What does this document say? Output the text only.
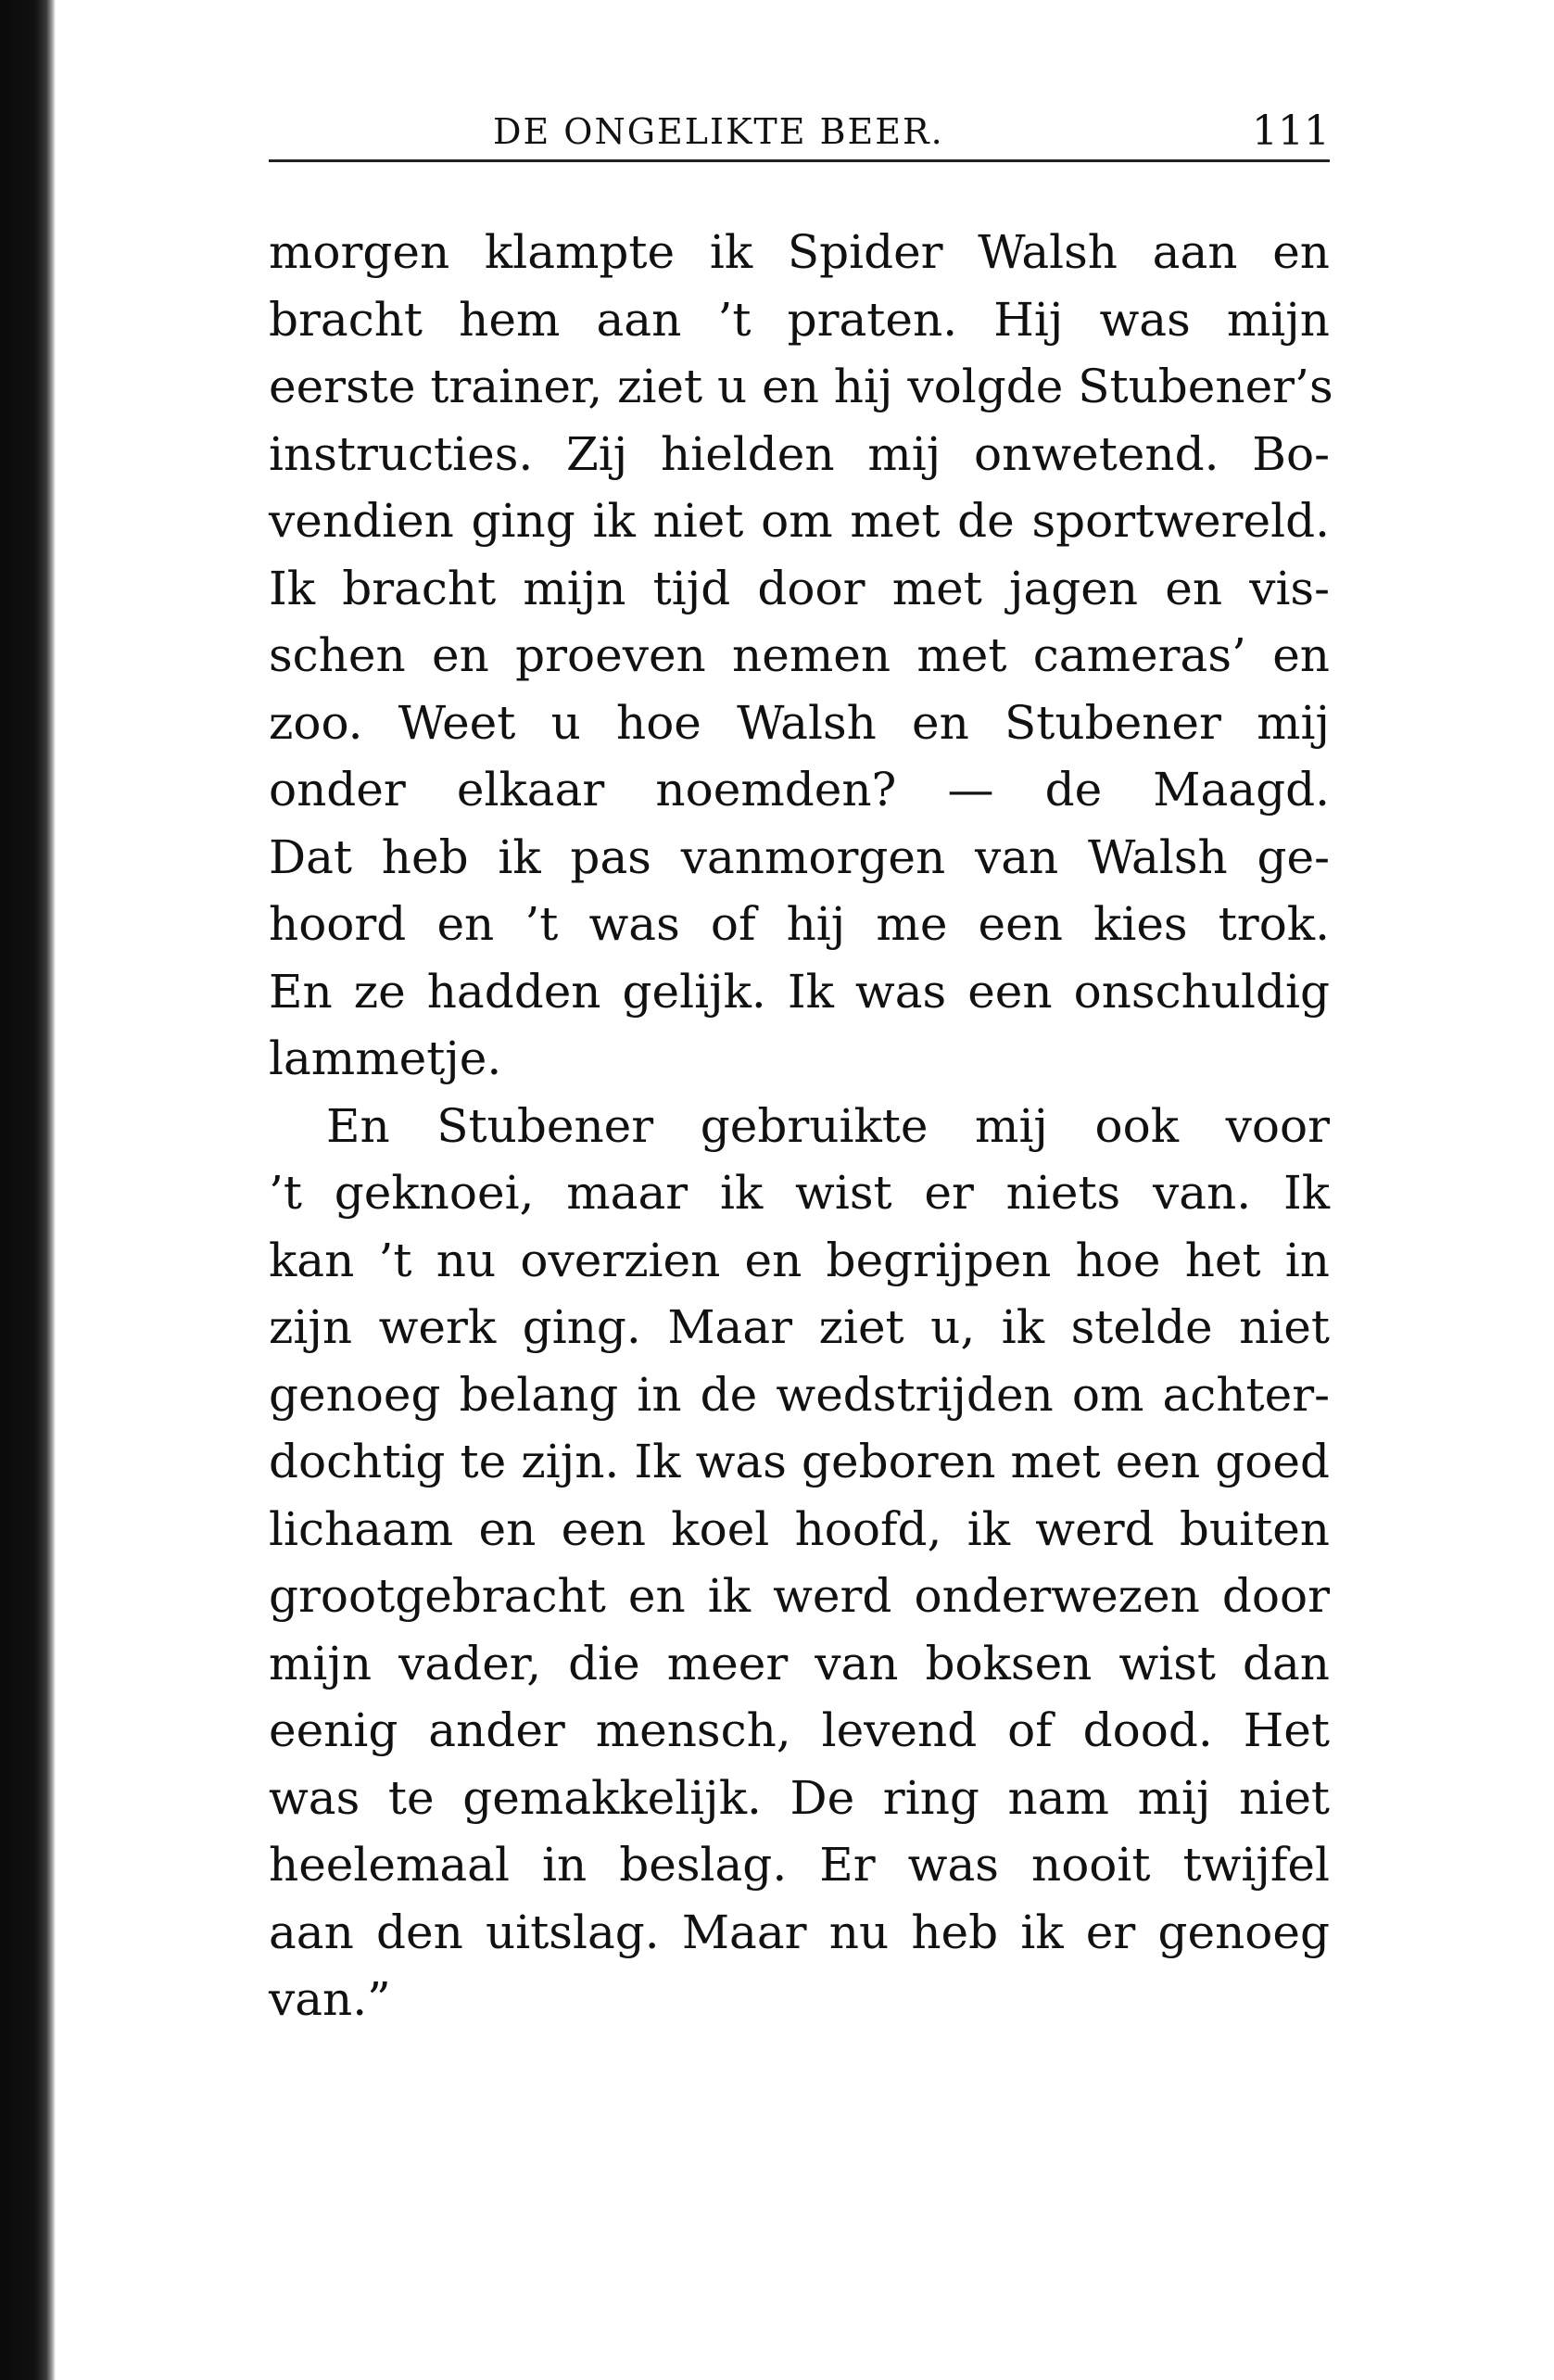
DE ONGELIKTE BEER.	111
morgen klampte ik Spider Walsh aan en
bracht hem aan ’t praten. Hij was mijn
eerste trainer, ziet u en hij volgde Stubener’s
instructies. Zij hielden mij onwetend. Bo-
vendien ging ik niet om met de sportwereld.
Ik bracht mijn tijd door met jagen en vis-
schen en proeven nemen met cameras’ en
zoo. Weet u hoe Walsh en Stubener mij
onder elkaar noemden? — de Maagd.
Dat heb ik pas vanmorgen van Walsh ge-
hoord en ’t was of hij me een kies trok.
En ze hadden gelijk. Ik was een onschuldig
lammetje.
En Stubener gebruikte mij ook voor
’t geknoei, maar ik wist er niets van. Ik
kan ’t nu overzien en begrijpen hoe het in
zijn werk ging. Maar ziet u, ik stelde niet
genoeg belang in de wedstrijden om achter-
dochtig te zijn. Ik was geboren met een goed
lichaam en een koel hoofd, ik werd buiten
grootgebracht en ik werd onderwezen door
mijn vader, die meer van boksen wist dan
eenig ander mensch, levend of dood. Het
was te gemakkelijk. De ring nam mij niet
heelemaal in beslag. Er was nooit twijfel
aan den uitslag. Maar nu heb ik er genoeg
van.”
